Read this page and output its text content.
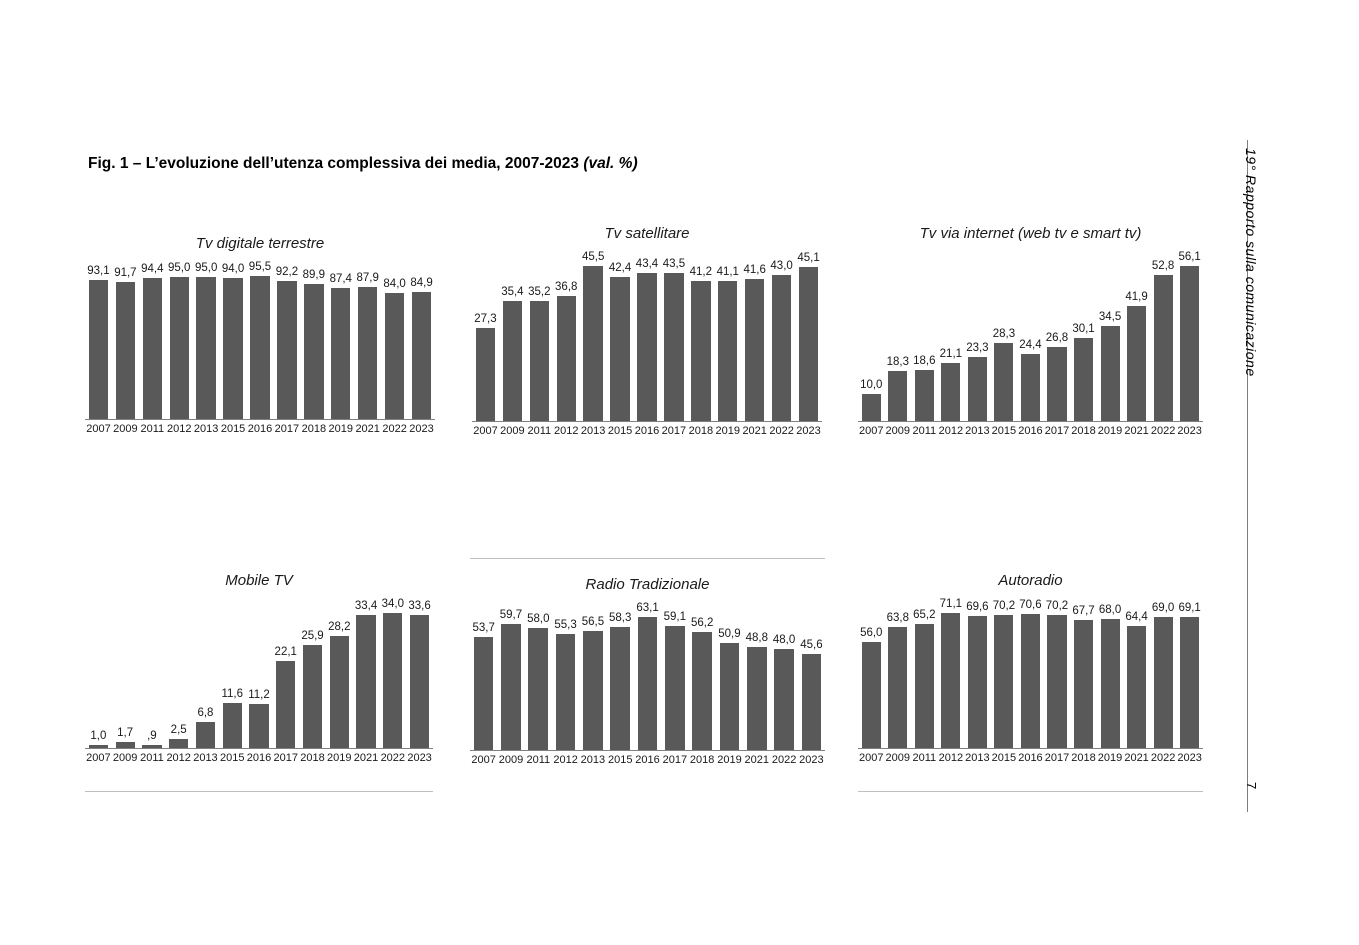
Fig. 1 – L’evoluzione dell’utenza complessiva dei media, 2007-2023 (val. %)	19° Rapporto sulla comunicazione
7
Tv digitale terrestre
93,1 91,7 94,4 95,0 95,0 94,0 95,5 92,2 89,9 87,4 87,9 84,0 84,9
2007 2009 2011 2012 2013 2015 2016 2017 2018 2019 2021 2022 2023
Tv satellitare
27,3
35,4 35,2 36,8
45,5
42,4 43,4 43,5
41,2 41,1 41,6 43,0
45,1
2007 2009 2011 2012 2013 2015 2016 2017 2018 2019 2021 2022 2023
Tv via internet (web tv e smart tv)
10,0
18,3 18,6
21,1
23,3
28,3
24,4
26,8
30,1
34,5
41,9
52,8
56,1
2007 2009 2011 2012 2013 2015 2016 2017 2018 2019 2021 2022 2023
Mobile TV
1,0 1,7 ,9
2,5
6,8
11,6 11,2
22,1
25,9
28,2
33,4 34,0 33,6
2007 2009 2011 2012 2013 2015 2016 2017 2018 2019 2021 2022 2023
Radio Tradizionale
53,7
59,7 58,0 55,3 56,5 58,3
63,1
59,1
56,2
50,9 48,8 48,0 45,6
2007 2009 2011 2012 2013 2015 2016 2017 2018 2019 2021 2022 2023
Autoradio
56,0
63,8 65,2
71,1 69,6 70,2 70,6 70,2 67,7 68,0
64,4
69,0 69,1
2007 2009 2011 2012 2013 2015 2016 2017 2018 2019 2021 2022 2023
